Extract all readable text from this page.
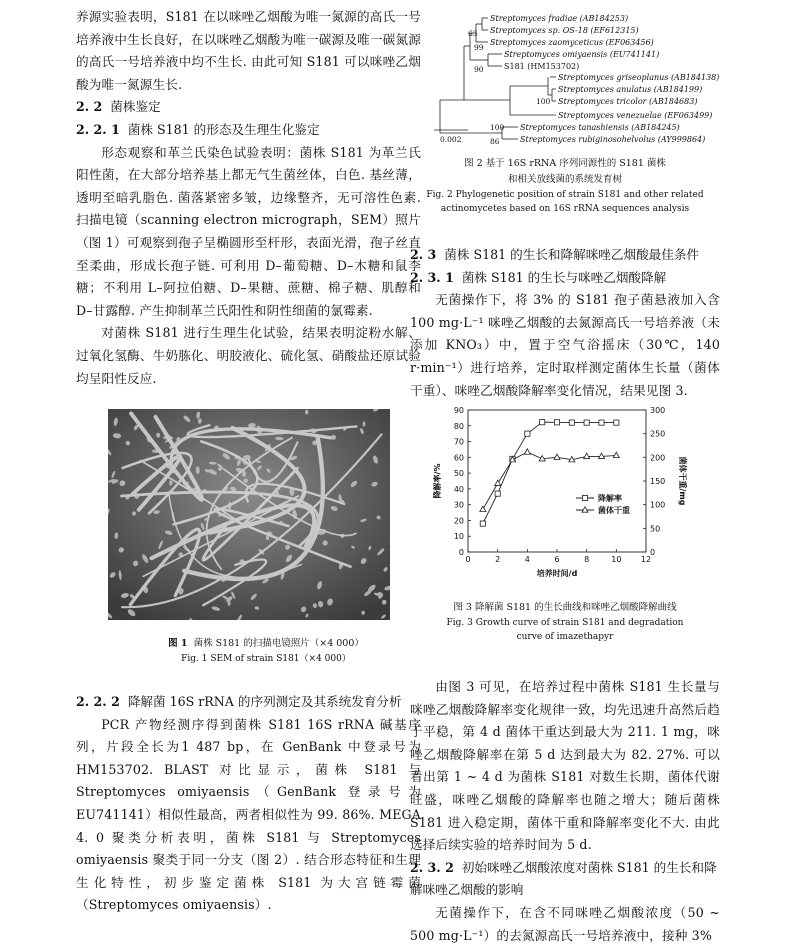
养源实验表明，S181 在以咪唑乙烟酸为唯一氮源的高氏一号培养液中生长良好，在以咪唑乙烟酸为唯一碳源及唯一碳氮源的高氏一号培养液中均不生长. 由此可知 S181 可以咪唑乙烟酸为唯一氮源生长.

2. 2 菌株鉴定
2. 2. 1 菌株 S181 的形态及生理生化鉴定

形态观察和革兰氏染色试验表明：菌株 S181 为革兰氏阳性菌，在大部分培养基上都无气生菌丝体，白色. 基丝薄，透明至暗乳脂色. 菌落紧密多皱，边缘整齐，无可溶性色素. 扫描电镜（scanning electron micrograph，SEM）照片（图 1）可观察到孢子呈椭圆形至杆形，表面光滑，孢子丝直至柔曲，形成长孢子链. 可利用 D–葡萄糖、D–木糖和鼠李糖；不利用 L–阿拉伯糖、D–果糖、蔗糖、棉子糖、肌醇和 D–甘露醇. 产生抑制革兰氏阳性和阴性细菌的氯霉素.

对菌株 S181 进行生理生化试验，结果表明淀粉水解、过氧化氢酶、牛奶胨化、明胶液化、硫化氢、硝酸盐还原试验均呈阳性反应.

图 1 菌株 S181 的扫描电镜照片（×4 000）
Fig. 1 SEM of strain S181（×4 000）
2. 2. 2 降解菌 16S rRNA 的序列测定及其系统发育分析

PCR 产物经测序得到菌株 S181 16S rRNA 碱基序列，片段全长为1 487 bp，在 GenBank 中登录号为 HM153702. BLAST 对比显示，菌株 S181 与 Streptomyces omiyaensis（GenBank 登录号为 EU741141）相似性最高，两者相似性为 99. 86%. MEGA 4. 0 聚类分析表明，菌株 S181 与 Streptomyces omiyaensis 聚类于同一分支（图 2）. 结合形态特征和生理生化特性，初步鉴定菌株 S181 为大宫链霉菌（Streptomyces omiyaensis）.

Streptomyces fradiae (AB184253)
Streptomyces sp. OS-18 (EF612315)
Streptomyces zaomyceticus (EF063456)
Streptomyces omiyaensis (EU741141)
S181 (HM153702)
Streptomyces griseoplanus (AB184138)
Streptomyces anulatus (AB184199)
Streptomyces tricolor (AB184683)
Streptomyces venezuelae (EF063499)
Streptomyces tanashiensis (AB184245)
Streptomyces rubiginosohelvolus (AY999864)
63
99
90
100
100
86
0.002
图 2 基于 16S rRNA 序列同源性的 S181 菌株
和相关放线菌的系统发育树
Fig. 2 Phylogenetic position of strain S181 and other related
actinomycetes based on 16S rRNA sequences analysis
2. 3 菌株 S181 的生长和降解咪唑乙烟酸最佳条件
2. 3. 1 菌株 S181 的生长与咪唑乙烟酸降解

无菌操作下，将 3% 的 S181 孢子菌悬液加入含 100 mg·L⁻¹ 咪唑乙烟酸的去氮源高氏一号培养液（未添加 KNO₃）中，置于空气浴摇床（30℃，140 r·min⁻¹）进行培养，定时取样测定菌体生长量（菌体干重）、咪唑乙烟酸降解率变化情况，结果见图 3.

0	2	4	6	8	10 12
0
10
20
30
40
50
60
70
80
90
0
50
100
150
200
250
300
培养时间/d
降解率/%	菌体干重/mg
降解率
菌体干重
图 3 降解菌 S181 的生长曲线和咪唑乙烟酸降解曲线
Fig. 3 Growth curve of strain S181 and degradation
curve of imazethapyr

由图 3 可见，在培养过程中菌株 S181 生长量与咪唑乙烟酸降解率变化规律一致，均先迅速升高然后趋于平稳，第 4 d 菌体干重达到最大为 211. 1 mg，咪唑乙烟酸降解率在第 5 d 达到最大为 82. 27%. 可以看出第 1 ~ 4 d 为菌株 S181 对数生长期，菌体代谢旺盛，咪唑乙烟酸的降解率也随之增大；随后菌株 S181 进入稳定期，菌体干重和降解率变化不大. 由此选择后续实验的培养时间为 5 d.

2. 3. 2 初始咪唑乙烟酸浓度对菌株 S181 的生长和降解咪唑乙烟酸的影响

无菌操作下，在含不同咪唑乙烟酸浓度（50 ~ 500 mg·L⁻¹）的去氮源高氏一号培养液中，接种 3%
